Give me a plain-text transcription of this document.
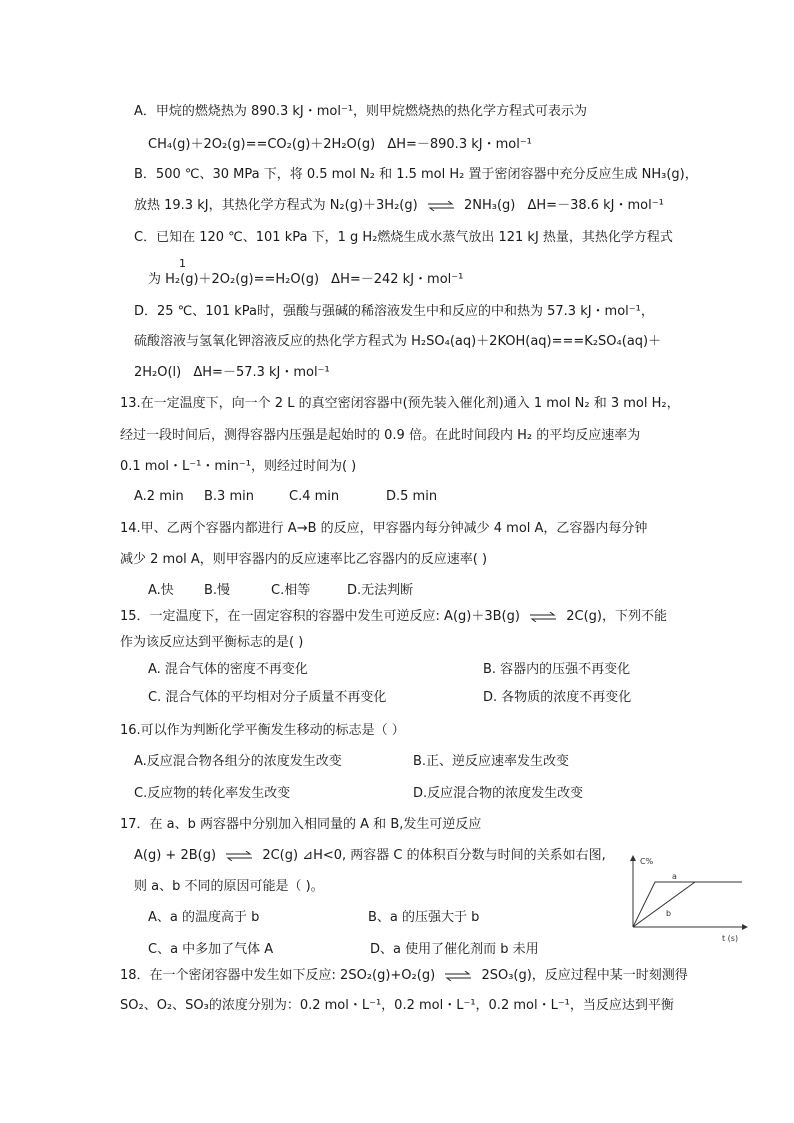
A．甲烷的燃烧热为 890.3 kJ・mol⁻¹，则甲烷燃烧热的热化学方程式可表示为
CH₄(g)＋2O₂(g)==CO₂(g)＋2H₂O(g) ΔH=－890.3 kJ・mol⁻¹
B．500 ℃、30 MPa 下，将 0.5 mol N₂ 和 1.5 mol H₂ 置于密闭容器中充分反应生成 NH₃(g)，
放热 19.3 kJ，其热化学方程式为 N₂(g)＋3H₂(g) ⇌ 2NH₃(g) ΔH=－38.6 kJ・mol⁻¹
C．已知在 120 ℃、101 kPa 下，1 g H₂燃烧生成水蒸气放出 121 kJ 热量，其热化学方程式
1
为 H₂(g)＋2O₂(g)==H₂O(g) ΔH=－242 kJ・mol⁻¹
D．25 ℃、101 kPa时，强酸与强碱的稀溶液发生中和反应的中和热为 57.3 kJ・mol⁻¹，
硫酸溶液与氢氧化钾溶液反应的热化学方程式为 H₂SO₄(aq)＋2KOH(aq)===K₂SO₄(aq)＋
2H₂O(l) ΔH=－57.3 kJ・mol⁻¹
13.在一定温度下，向一个 2 L 的真空密闭容器中(预先装入催化剂)通入 1 mol N₂ 和 3 mol H₂，
经过一段时间后，测得容器内压强是起始时的 0.9 倍。在此时间段内 H₂ 的平均反应速率为
0.1 mol・L⁻¹・min⁻¹，则经过时间为( )
A.2 min B.3 min	C.4 min	D.5 min
14.甲、乙两个容器内都进行 A→B 的反应，甲容器内每分钟减少 4 mol A，乙容器内每分钟
减少 2 mol A，则甲容器内的反应速率比乙容器内的反应速率( )
A.快 B.慢	C.相等	D.无法判断
15．一定温度下，在一固定容积的容器中发生可逆反应: A(g)＋3B(g) ⇌ 2C(g)，下列不能
作为该反应达到平衡标志的是( )
A. 混合气体的密度不再变化	B. 容器内的压强不再变化
C. 混合气体的平均相对分子质量不再变化	D. 各物质的浓度不再变化
16.可以作为判断化学平衡发生移动的标志是（ ）
A.反应混合物各组分的浓度发生改变	B.正、逆反应速率发生改变
C.反应物的转化率发生改变	D.反应混合物的浓度发生改变
17．在 a、b 两容器中分别加入相同量的 A 和 B,发生可逆反应
A(g) + 2B(g) ⇌ 2C(g) ⊿H<0, 两容器 C 的体积百分数与时间的关系如右图,
则 a、b 不同的原因可能是（ )。
A、a 的温度高于 b	B、a 的压强大于 b
C、a 中多加了气体 A	D、a 使用了催化剂而 b 未用
C%
t (s)
a
b
18．在一个密闭容器中发生如下反应: 2SO₂(g)+O₂(g) ⇌ 2SO₃(g)，反应过程中某一时刻测得
SO₂、O₂、SO₃的浓度分别为：0.2 mol・L⁻¹，0.2 mol・L⁻¹，0.2 mol・L⁻¹，当反应达到平衡
